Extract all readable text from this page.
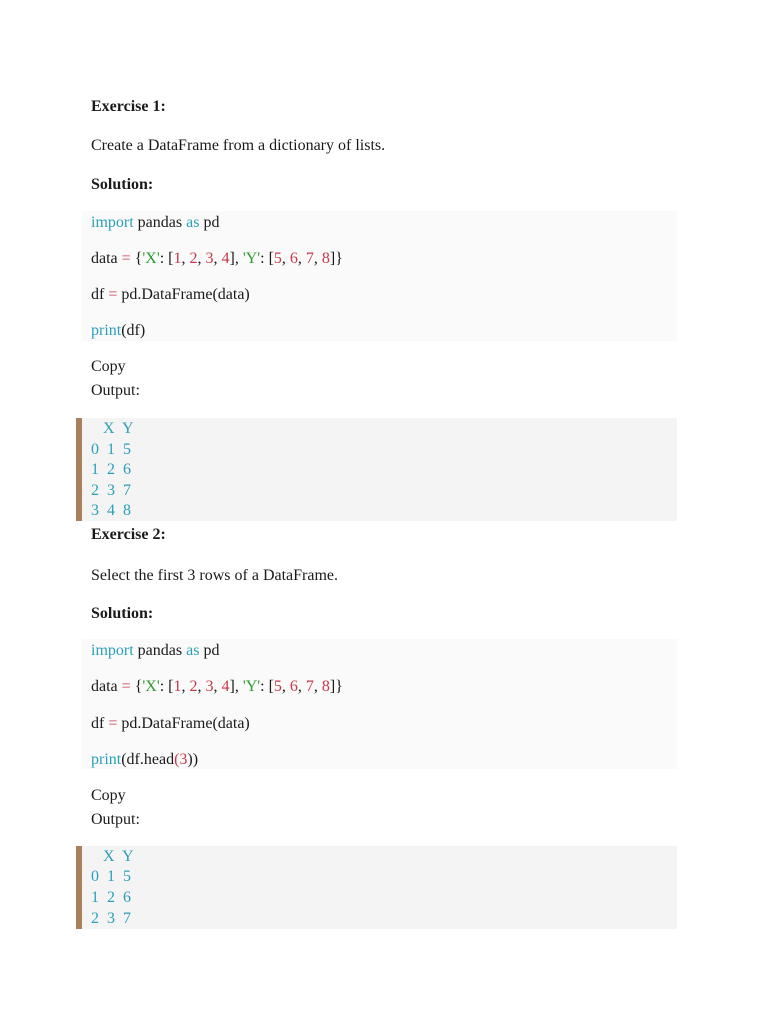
Exercise 1:
Create a DataFrame from a dictionary of lists.
Solution:
import pandas as pd
data = {'X': [1, 2, 3, 4], 'Y': [5, 6, 7, 8]}
df = pd.DataFrame(data)
print(df)
Copy
Output:
X  Y
0  1  5
1  2  6
2  3  7
3  4  8
Exercise 2:
Select the first 3 rows of a DataFrame.
Solution:
import pandas as pd
data = {'X': [1, 2, 3, 4], 'Y': [5, 6, 7, 8]}
df = pd.DataFrame(data)
print(df.head(3))
Copy
Output:
X  Y
0  1  5
1  2  6
2  3  7
